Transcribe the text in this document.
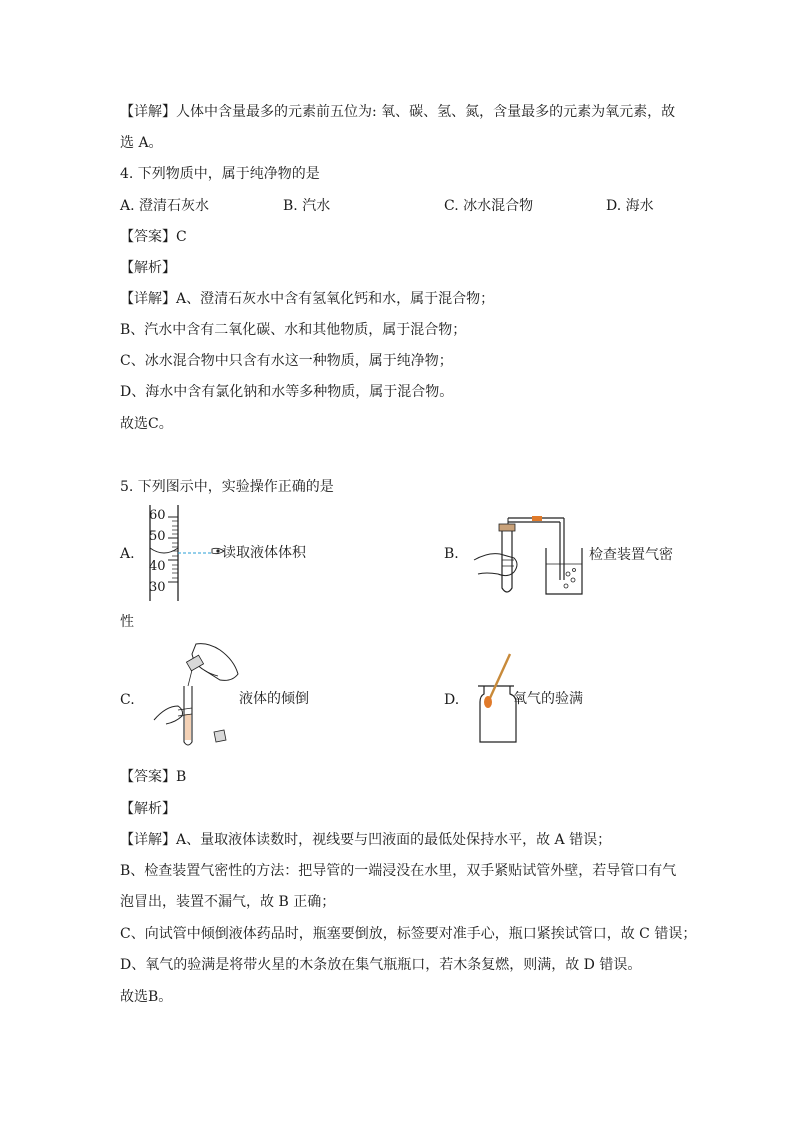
【详解】人体中含量最多的元素前五位为: 氧、碳、氢、氮，含量最多的元素为氧元素，故
选 A。
4. 下列物质中，属于纯净物的是
A. 澄清石灰水	B. 汽水	C. 冰水混合物	D. 海水
【答案】C
【解析】
【详解】A、澄清石灰水中含有氢氧化钙和水，属于混合物；
B、汽水中含有二氧化碳、水和其他物质，属于混合物；
C、冰水混合物中只含有水这一种物质，属于纯净物；
D、海水中含有氯化钠和水等多种物质，属于混合物。
故选C。
5. 下列图示中，实验操作正确的是
A.
60
50
40
30
读取液体体积	B.	检查装置气密
性
C.	液体的倾倒	D.	氧气的验满
【答案】B
【解析】
【详解】A、量取液体读数时，视线要与凹液面的最低处保持水平，故 A 错误；
B、检查装置气密性的方法：把导管的一端浸没在水里，双手紧贴试管外壁，若导管口有气
泡冒出，装置不漏气，故 B 正确；
C、向试管中倾倒液体药品时，瓶塞要倒放，标签要对准手心，瓶口紧挨试管口，故 C 错误；
D、氧气的验满是将带火星的木条放在集气瓶瓶口，若木条复燃，则满，故 D 错误。
故选B。
